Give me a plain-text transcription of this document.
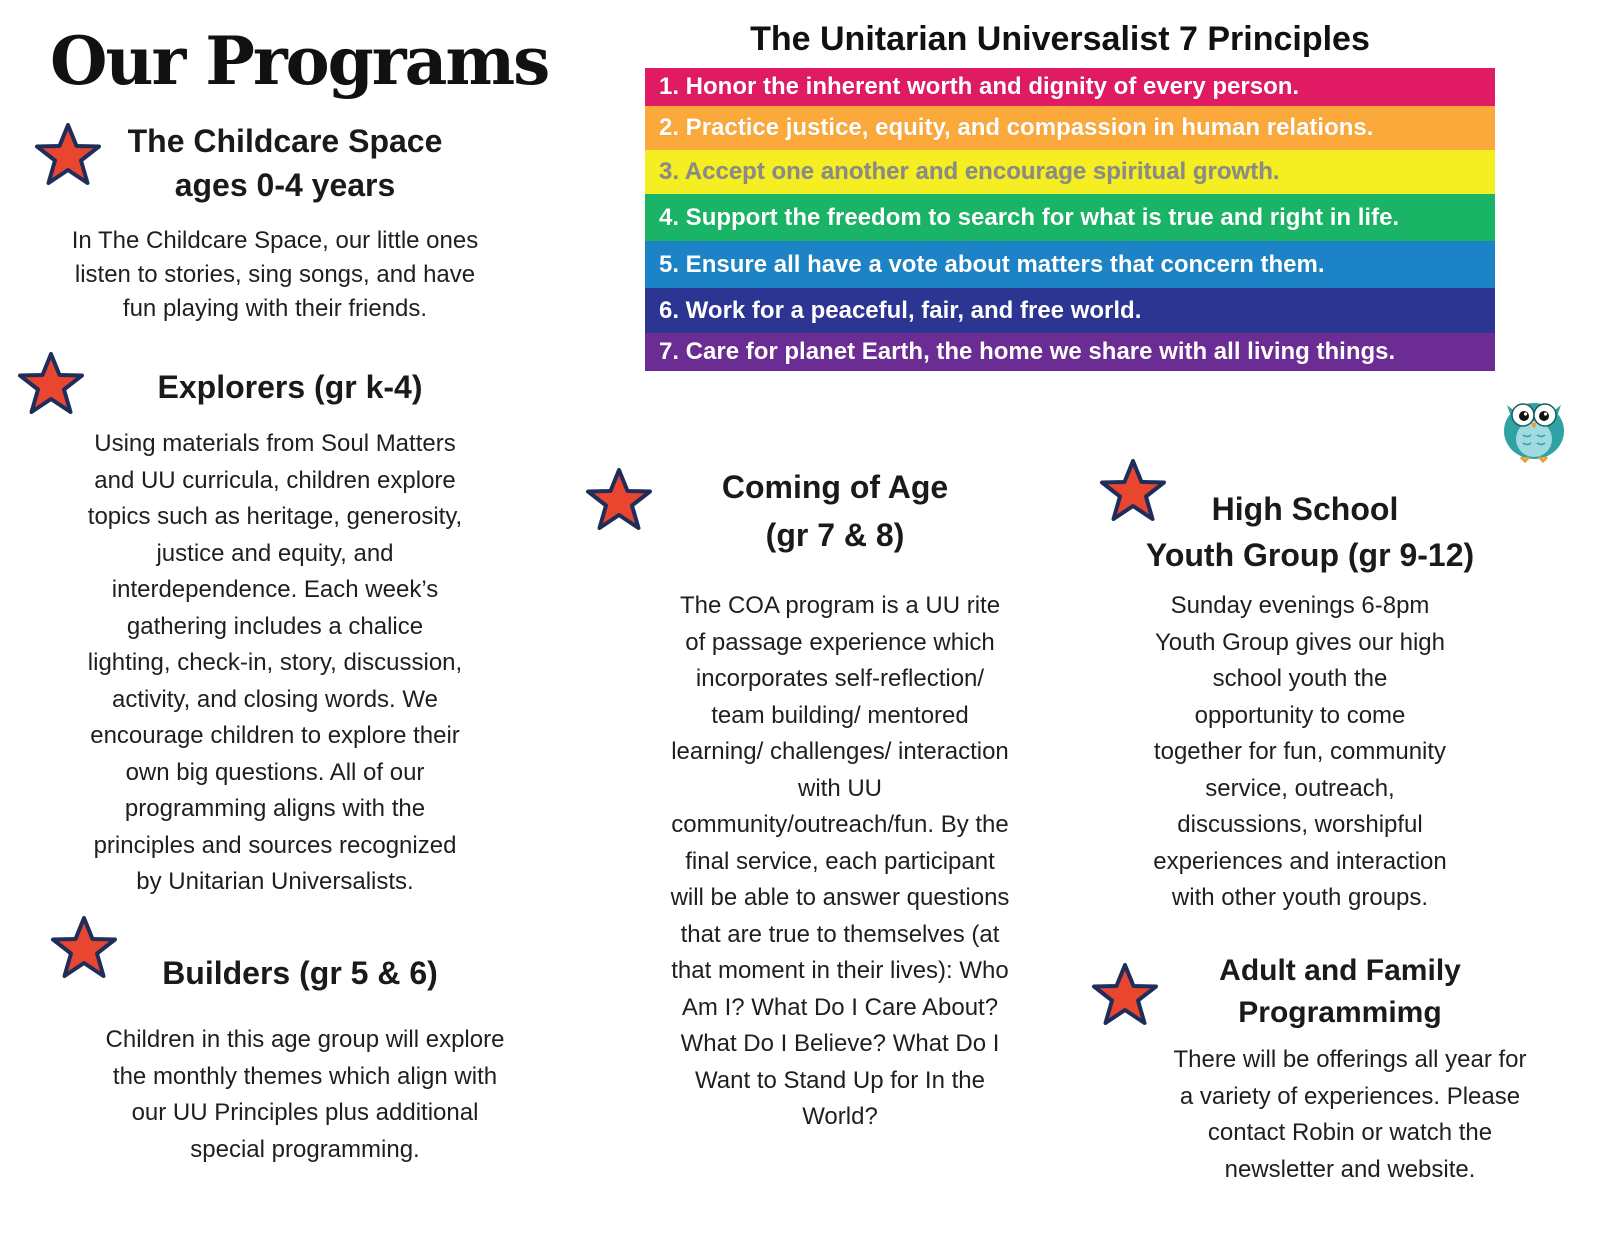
Our Programs	The Unitarian Universalist 7 Principles
1. Honor the inherent worth and dignity of every person.
2. Practice justice, equity, and compassion in human relations.
3. Accept one another and encourage spiritual growth.
4. Support the freedom to search for what is true and right in life.
5. Ensure all have a vote about matters that concern them.
6. Work for a peaceful, fair, and free world.
7. Care for planet Earth, the home we share with all living things.
The Childcare Space
ages 0-4 years
In The Childcare Space, our little ones
listen to stories, sing songs, and have
fun playing with their friends.
Explorers (gr k-4)
Using materials from Soul Matters
and UU curricula, children explore
topics such as heritage, generosity,
justice and equity, and
interdependence. Each week’s
gathering includes a chalice
lighting, check-in, story, discussion,
activity, and closing words. We
encourage children to explore their
own big questions. All of our
programming aligns with the
principles and sources recognized
by Unitarian Universalists.
Builders (gr 5 & 6)
Children in this age group will explore
the monthly themes which align with
our UU Principles plus additional
special programming.
Coming of Age
(gr 7 & 8)
The COA program is a UU rite
of passage experience which
incorporates self-reflection/
team building/ mentored
learning/ challenges/ interaction
with UU
community/outreach/fun. By the
final service, each participant
will be able to answer questions
that are true to themselves (at
that moment in their lives): Who
Am I? What Do I Care About?
What Do I Believe? What Do I
Want to Stand Up for In the
World?
High School
Youth Group (gr 9-12)
Sunday evenings 6-8pm
Youth Group gives our high
school youth the
opportunity to come
together for fun, community
service, outreach,
discussions, worshipful
experiences and interaction
with other youth groups.
Adult and Family
Programmimg
There will be offerings all year for
a variety of experiences. Please
contact Robin or watch the
newsletter and website.
